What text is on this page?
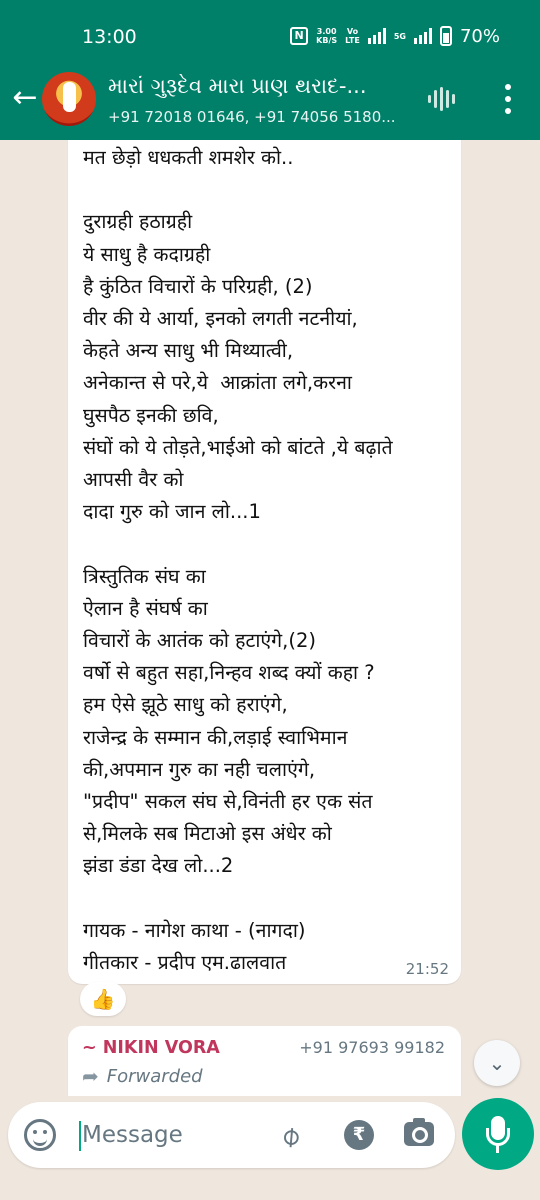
13:00	N	3.00
KB/S
Vo
LTE	5G	70%
←	મારાં ગુરૂદેવ મારા પ્રાણ થરાદ-...
+91 72018 01646, +91 74056 5180...
मत छेड़ो धधकती शमशेर को..

दुराग्रही हठाग्रही
ये साधु है कदाग्रही
है कुंठित विचारों के परिग्रही, (2)
वीर की ये आर्या, इनको लगती नटनीयां,
केहते अन्य साधु भी मिथ्यात्वी,
अनेकान्त से परे,ये  आक्रांता लगे,करना
घुसपैठ इनकी छवि,
संघों को ये तोड़ते,भाईओ को बांटते ,ये बढ़ाते
आपसी वैर को
दादा गुरु को जान लो...1

त्रिस्तुतिक संघ का
ऐलान है संघर्ष का
विचारों के आतंक को हटाएंगे,(2)
वर्षो से बहुत सहा,निन्हव शब्द क्यों कहा ?
हम ऐसे झूठे साधु को हराएंगे,
राजेन्द्र के सम्मान की,लड़ाई स्वाभिमान
की,अपमान गुरु का नही चलाएंगे,
"प्रदीप" सकल संघ से,विनंती हर एक संत
से,मिलके सब मिटाओ इस अंधेर को
झंडा डंडा देख लो...2

गायक - नागेश काथा - (नागदा)
गीतकार - प्रदीप एम.ढालवात	21:52
👍
~ NIKIN VORA	+91 97693 99182
➦ Forwarded
⌄
Message
⌀	₹
